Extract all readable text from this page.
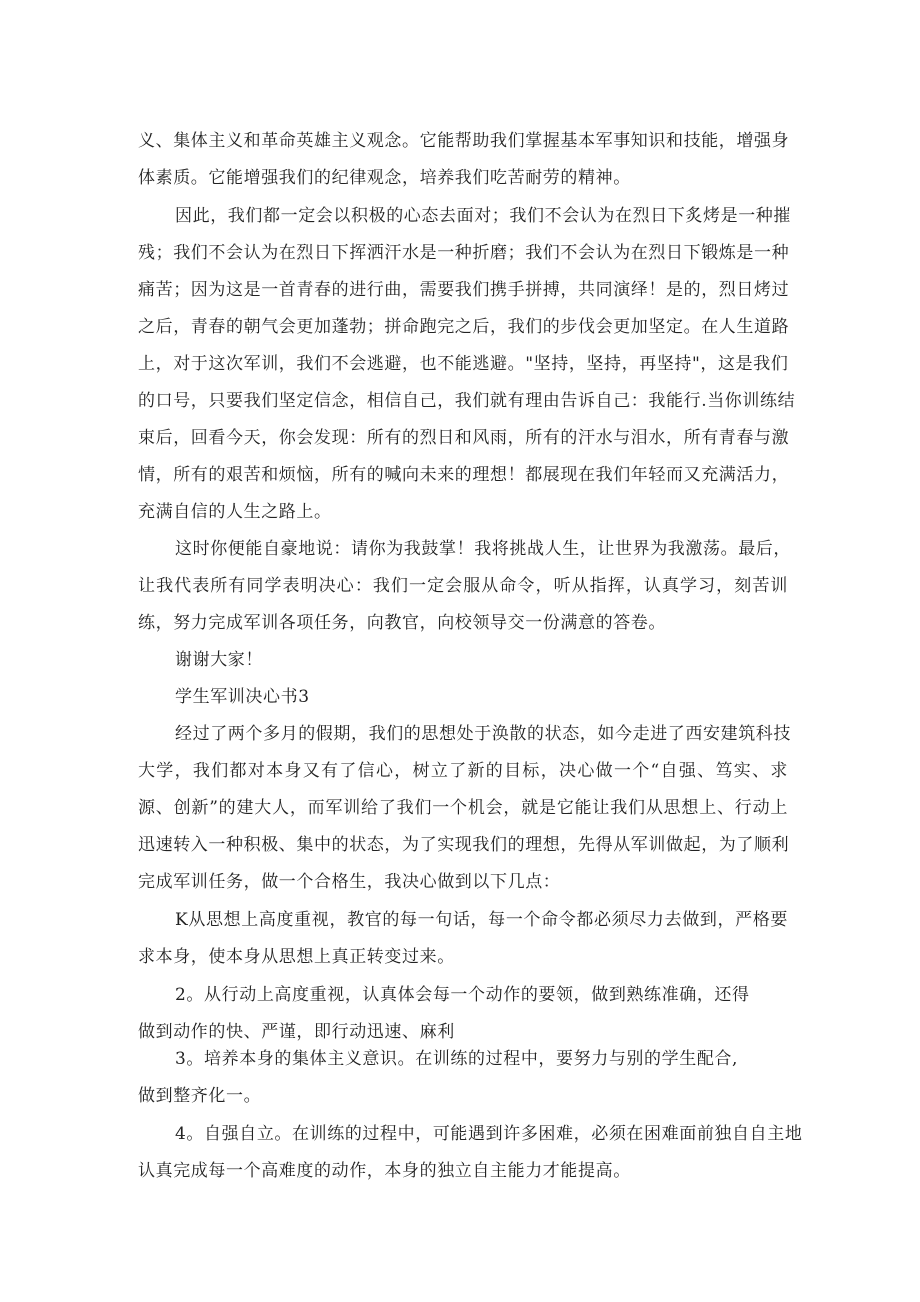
义、集体主义和革命英雄主义观念。它能帮助我们掌握基本军事知识和技能，增强身
体素质。它能增强我们的纪律观念，培养我们吃苦耐劳的精神。
因此，我们都一定会以积极的心态去面对；我们不会认为在烈日下炙烤是一种摧
残；我们不会认为在烈日下挥洒汗水是一种折磨；我们不会认为在烈日下锻炼是一种
痛苦；因为这是一首青春的进行曲，需要我们携手拼搏，共同演绎！是的，烈日烤过
之后，青春的朝气会更加蓬勃；拼命跑完之后，我们的步伐会更加坚定。在人生道路
上，对于这次军训，我们不会逃避，也不能逃避。"坚持，坚持，再坚持"，这是我们
的口号，只要我们坚定信念，相信自己，我们就有理由告诉自己：我能行.当你训练结
束后，回看今天，你会发现：所有的烈日和风雨，所有的汗水与泪水，所有青春与激
情，所有的艰苦和烦恼，所有的喊向未来的理想！都展现在我们年轻而又充满活力，
充满自信的人生之路上。
这时你便能自豪地说：请你为我鼓掌！我将挑战人生，让世界为我激荡。最后，
让我代表所有同学表明决心：我们一定会服从命令，听从指挥，认真学习，刻苦训
练，努力完成军训各项任务，向教官，向校领导交一份满意的答卷。
谢谢大家！
学生军训决心书3
经过了两个多月的假期，我们的思想处于涣散的状态，如今走进了西安建筑科技
大学，我们都对本身又有了信心，树立了新的目标，决心做一个“自强、笃实、求
源、创新”的建大人，而军训给了我们一个机会，就是它能让我们从思想上、行动上
迅速转入一种积极、集中的状态，为了实现我们的理想，先得从军训做起，为了顺利
完成军训任务，做一个合格生，我决心做到以下几点：
K从思想上高度重视，教官的每一句话，每一个命令都必须尽力去做到，严格要
求本身，使本身从思想上真正转变过来。
2。从行动上高度重视，认真体会每一个动作的要领，做到熟练准确，还得
做到动作的快、严谨，即行动迅速、麻利
3。培养本身的集体主义意识。在训练的过程中，要努力与别的学生配合,
做到整齐化一。
4。自强自立。在训练的过程中，可能遇到许多困难，必须在困难面前独自自主地
认真完成每一个高难度的动作，本身的独立自主能力才能提高。
